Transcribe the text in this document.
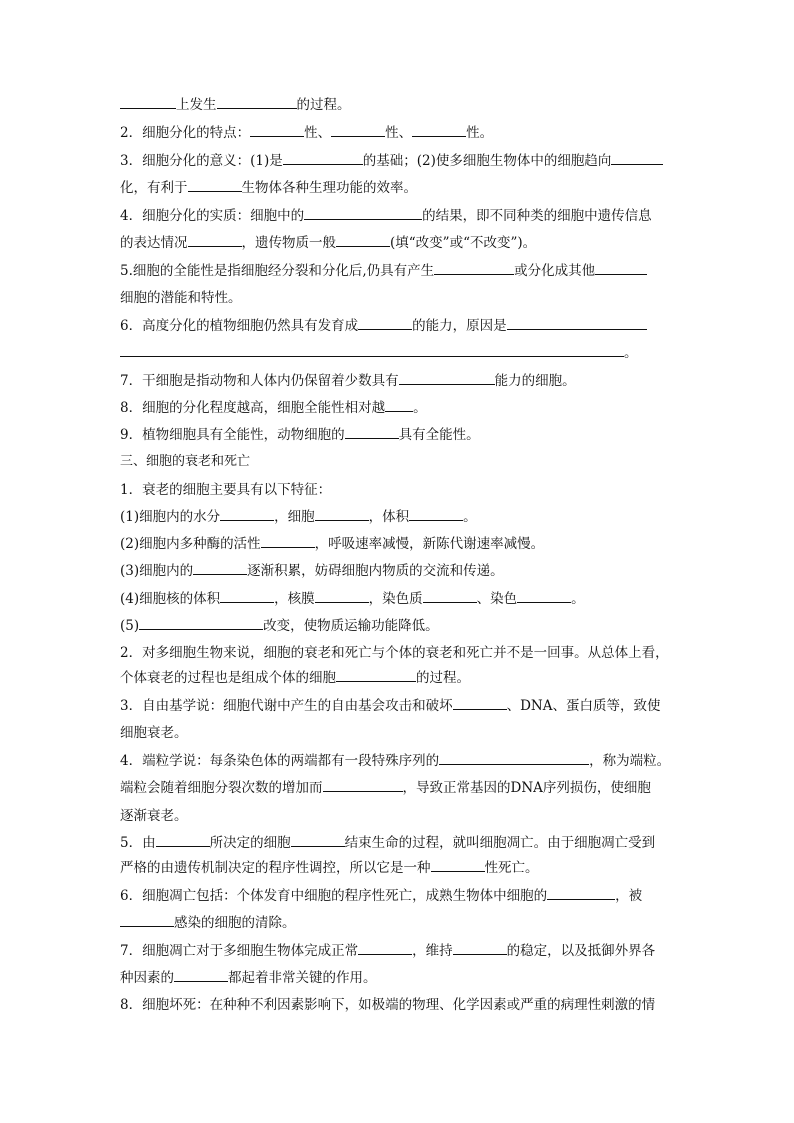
上发生	的过程。
2．细胞分化的特点：	性、	性、	性。
3．细胞分化的意义：(1)是	的基础；(2)使多细胞生物体中的细胞趋向
化，有利于	生物体各种生理功能的效率。
4．细胞分化的实质：细胞中的	的结果，即不同种类的细胞中遗传信息
的表达情况	，遗传物质一般	(填“改变”或“不改变”)。
5.细胞的全能性是指细胞经分裂和分化后,仍具有产生	或分化成其他
细胞的潜能和特性。
6．高度分化的植物细胞仍然具有发育成	的能力，原因是
。
7．干细胞是指动物和人体内仍保留着少数具有	能力的细胞。
8．细胞的分化程度越高，细胞全能性相对越 。
9．植物细胞具有全能性，动物细胞的	具有全能性。
三、细胞的衰老和死亡
1．衰老的细胞主要具有以下特征：
(1)细胞内的水分	，细胞	，体积	。
(2)细胞内多种酶的活性	，呼吸速率减慢，新陈代谢速率减慢。
(3)细胞内的	逐渐积累，妨碍细胞内物质的交流和传递。
(4)细胞核的体积	，核膜	，染色质	、染色	。
(5)	改变，使物质运输功能降低。
2．对多细胞生物来说，细胞的衰老和死亡与个体的衰老和死亡并不是一回事。从总体上看，
个体衰老的过程也是组成个体的细胞	的过程。
3．自由基学说：细胞代谢中产生的自由基会攻击和破坏	、DNA、蛋白质等，致使
细胞衰老。
4．端粒学说：每条染色体的两端都有一段特殊序列的	，称为端粒。
端粒会随着细胞分裂次数的增加而	，导致正常基因的DNA序列损伤，使细胞
逐渐衰老。
5．由	所决定的细胞	结束生命的过程，就叫细胞凋亡。由于细胞凋亡受到
严格的由遗传机制决定的程序性调控，所以它是一种	性死亡。
6．细胞凋亡包括：个体发育中细胞的程序性死亡，成熟生物体中细胞的	，被
感染的细胞的清除。
7．细胞凋亡对于多细胞生物体完成正常	，维持	的稳定，以及抵御外界各
种因素的	都起着非常关键的作用。
8．细胞坏死：在种种不利因素影响下，如极端的物理、化学因素或严重的病理性刺激的情
